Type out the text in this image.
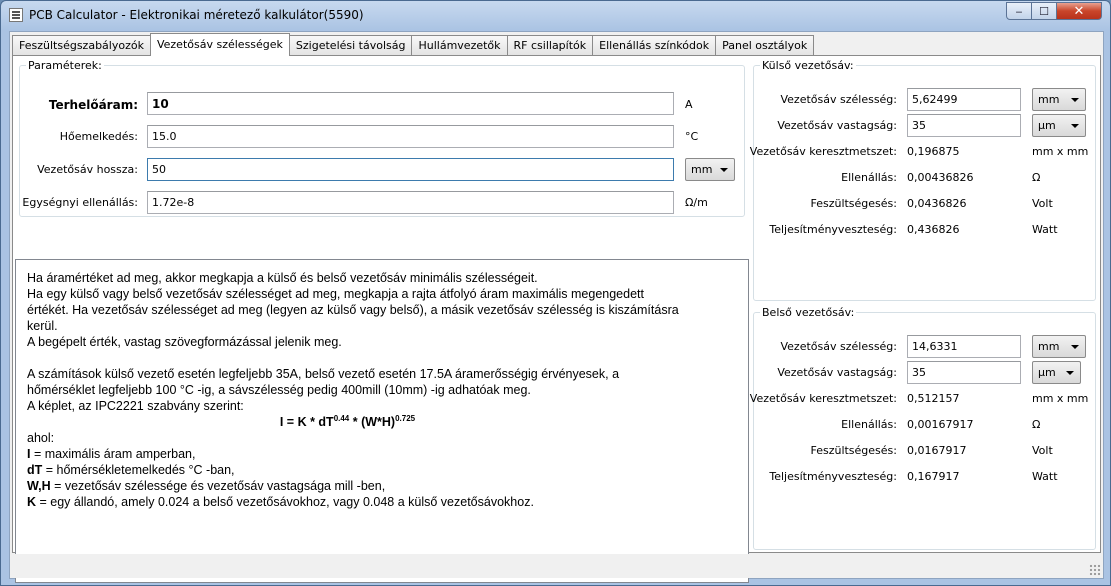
PCB Calculator - Elektronikai méretező kalkulátor(5590)	‒	☐	✕
Feszültségszabályozók	Vezetősáv szélességek	Szigetelési távolság	Hullámvezetők	RF csillapítók	Ellenállás színkódok	Panel osztályok
Paraméterek:
Terhelőáram:	10	A
Hőemelkedés:	15.0	°C
Vezetősáv hossza:	50	mm
Egységnyi ellenállás:	1.72e-8	Ω/m

Ha áramértéket ad meg, akkor megkapja a külső és belső vezetősáv minimális szélességeit.

Ha egy külső vagy belső vezetősáv szélességet ad meg, megkapja a rajta átfolyó áram maximális megengedett

értékét. Ha vezetősáv szélességet ad meg (legyen az külső vagy belső), a másik vezetősáv szélesség is kiszámításra

kerül.

A begépelt érték, vastag szövegformázással jelenik meg.

A számítások külső vezető esetén legfeljebb 35A, belső vezető esetén 17.5A áramerősségig érvényesek, a

hőmérséklet legfeljebb 100 °C -ig, a sávszélesség pedig 400mill (10mm) -ig adhatóak meg.

A képlet, az IPC2221 szabvány szerint:

$I = K * dT^{0.44} * (W*H)^{0.725}$

ahol:

I = maximális áram amperban,

dT = hőmérsékletemelkedés °C -ban,

W,H = vezetősáv szélessége és vezetősáv vastagsága mill -ben,

K = egy állandó, amely 0.024 a belső vezetősávokhoz, vagy 0.048 a külső vezetősávokhoz.

Külső vezetősáv:
Vezetősáv szélesség:	5,62499	mm
Vezetősáv vastagság:	35	µm
Vezetősáv keresztmetszet: 0,196875	mm x mm
Ellenállás: 0,00436826	Ω
Feszültségesés: 0,0436826	Volt
Teljesítményveszteség: 0,436826	Watt
Belső vezetősáv:
Vezetősáv szélesség:	14,6331	mm
Vezetősáv vastagság:	35	µm
Vezetősáv keresztmetszet: 0,512157	mm x mm
Ellenállás: 0,00167917	Ω
Feszültségesés: 0,0167917	Volt
Teljesítményveszteség: 0,167917	Watt
